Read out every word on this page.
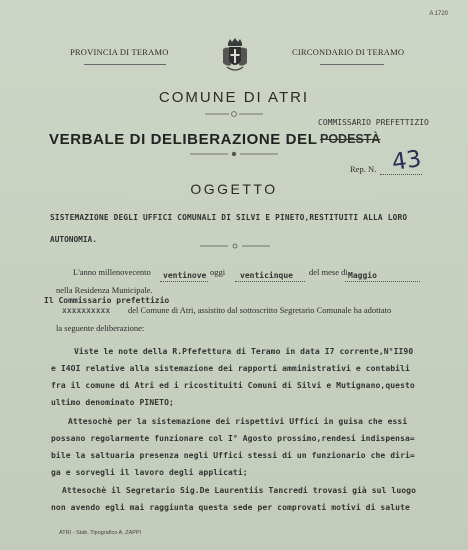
A 1720
PROVINCIA DI TERAMO	CIRCONDARIO DI TERAMO
COMUNE DI ATRI
COMMISSARIO PREFETTIZIO
VERBALE DI DELIBERAZIONE DEL PODESTÀ
Rep. N. 43
OGGETTO
SISTEMAZIONE DEGLI UFFICI COMUNALI DI SILVI E PINETO,RESTITUITI ALLA LORO
AUTONOMIA.
L'anno millenovecento ventinove oggi venticinque del mese di Maggio
nella Residenza Municipale.
Il Commissario prefettizio
xxxxxxxxxx del Comune di Atri, assistito dal sottoscritto Segretario Comunale ha adottato
la seguente deliberazione:
Viste le note della R.Pfefettura di Teramo in data I7 corrente,N°II90
e I4OI relative alla sistemazione dei rapporti amministrativi e contabili
fra il comune di Atri ed i ricostituiti Comuni di Silvi e Mutignano,questo
ultimo denominato PINETO;
Attesochè per la sistemazione dei rispettivi Uffici in guisa che essi
possano regolarmente funzionare col I° Agosto prossimo,rendesi indispensa=
bile la saltuaria presenza negli Uffici stessi di un funzionario che diri=
ga e sorvegli il lavoro degli applicati;
Attesochè il Segretario Sig.De Laurentiis Tancredi trovasi già sul luogo
non avendo egli mai raggiunta questa sede per comprovati motivi di salute
ATRI - Stab. Tipografico A. ZAPPI
